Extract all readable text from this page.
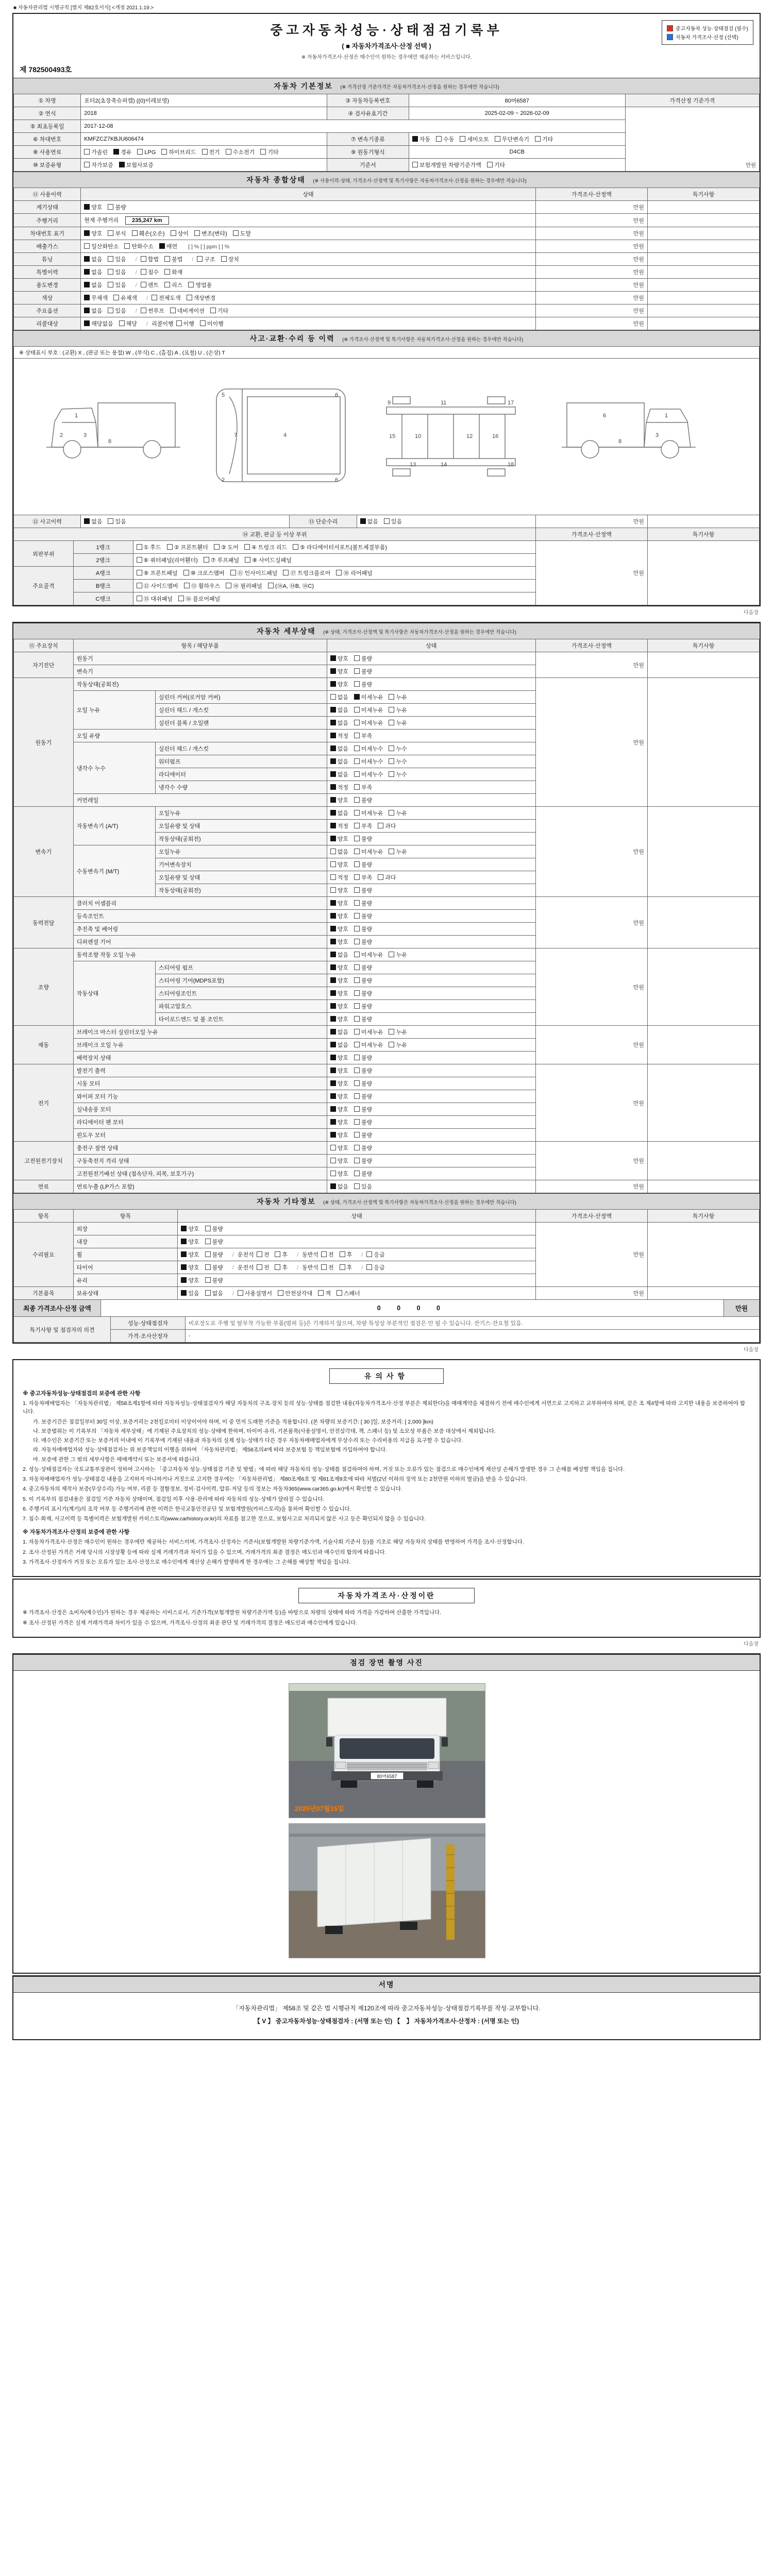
■ 자동차관리법 시행규칙 [별지 제82호서식] <개정 2021.1.19.>
중고자동차성능·상태점검기록부
( ■ 자동차가격조사·산정 선택 )
※ 자동차가격조사·산정은 매수인이 원하는 경우에만 제공하는 서비스입니다.
중고자동차 성능·상태점검 (필수)
자동차 가격조사·산정 (선택)
제 782500493호
자동차 기본정보 (※ 가격산정 기준가격은 자동차가격조사·산정을 원하는 경우에만 적습니다)
① 차명	포터2(초장축슈퍼캡) ((0)이레보영)	③ 자동차등록번호	80머6587	가격산정 기준가격
② 연식	2018	④ 검사유효기간	2025-02-09 ~ 2026-02-09	만원

⑤ 최초등록일	2017-12-08			
⑥ 차대번호	KMFZCZ7KBJU606474	⑦ 변속기종류	자동 수동 세미오토 무단변속기 기타	
⑧ 사용연료	가솔린 경유 LPG 하이브리드 전기 수소전기 기타	⑨ 원동기형식	D4CB	
⑩ 보증유형	자가보증 보험사보증	기준서	보험개발원 차량기준가액 기타	
자동차 종합상태 (※ 사용이력·상태, 가격조사·산정액 및 특기사항은 자동차가격조사·산정을 원하는 경우에만 적습니다)
⑪ 사용이력	상태	가격조사·산정액	특기사항
계기상태	양호 불량	만원	
주행거리	현재 주행거리 235,247 km	만원	
차대번호 표기	양호 부식 훼손(오손) 상이 변조(변타) 도말	만원	
배출가스	일산화탄소 탄화수소 매연 [ ] % [ ] ppm [ ] %	만원	
튜닝	없음 있음 / 합법 불법 / 구조 장치	만원	
특별이력	없음 있음 / 침수 화재	만원	
용도변경	없음 있음 / 렌트 리스 영업용	만원	
색상	무채색 유채색 / 전체도색 색상변경	만원	
주요옵션	없음 있음 / 썬루프 네비게이션 기타	만원	
리콜대상	해당없음 해당 / 리콜이행 이행 미이행	만원	
사고·교환·수리 등 이력 (※ 가격조사·산정액 및 특기사항은 자동차가격조사·산정을 원하는 경우에만 적습니다)
※ 상태표시 부호 : (교환) X , (판금 또는 용접) W , (부식) C , (흠집) A , (요철) U , (손상) T
1
3
8
2
5
2
7	4
6
6
9
10
11
12
13	14
15	16
17
18
1
3
8
6
⑫ 사고이력	없음 있음	⑬ 단순수리	없음 있음	만원	
⑭ 교환, 판금 등 이상 부위			가격조사·산정액	특기사항
외판부위	1랭크	① 후드 ② 프론트휀더 ③ 도어 ④ 트렁크 리드 ⑤ 라디에이터서포트(볼트체결부품)	만원	
	2랭크	⑥ 쿼터패널(리어휀더) ⑦ 루프패널 ⑧ 사이드실패널		
주요골격	A랭크	⑨ 프론트패널 ⑩ 크로스멤버 ⑪ 인사이드패널 ⑰ 트렁크플로어 ⑱ 리어패널		
	B랭크	⑫ 사이드멤버 ⑬ 휠하우스 ⑭ 필러패널 (⑭A, ⑭B, ⑭C)		
	C랭크	⑮ 대쉬패널 ⑯ 플로어패널		
다음장
자동차 세부상태 (※ 상태, 가격조사·산정액 및 특기사항은 자동차가격조사·산정을 원하는 경우에만 적습니다)
⑮ 주요장치	항목 / 해당부품		상태	가격조사·산정액	특기사항
자기진단	원동기		양호 불량	만원	
	변속기		양호 불량		
원동기	작동상태(공회전)		양호 불량	만원	
	오일 누유	실린더 커버(로커암 커버)	없음 미세누유 누유		
		실린더 헤드 / 개스킷	없음 미세누유 누유		
		실린더 블록 / 오일팬	없음 미세누유 누유		
	오일 유량		적정 부족		
	냉각수 누수	실린더 헤드 / 개스킷	없음 미세누수 누수		
		워터펌프	없음 미세누수 누수		
		라디에이터	없음 미세누수 누수		
		냉각수 수량	적정 부족		
	커먼레일		양호 불량		
변속기	자동변속기 (A/T)	오일누유	없음 미세누유 누유	만원	
		오일유량 및 상태	적정 부족 과다		
		작동상태(공회전)	양호 불량		
	수동변속기 (M/T)	오일누유	없음 미세누유 누유		
		기어변속장치	양호 불량		
		오일유량 및 상태	적정 부족 과다		
		작동상태(공회전)	양호 불량		
동력전달	클러치 어셈블리		양호 불량	만원	
	등속조인트		양호 불량		
	추진축 및 베어링		양호 불량		
	디퍼렌셜 기어		양호 불량		
조향	동력조향 작동 오일 누유		없음 미세누유 누유	만원	
	작동상태	스티어링 펌프	양호 불량		
		스티어링 기어(MDPS포함)	양호 불량		
		스티어링조인트	양호 불량		
		파워고압호스	양호 불량		
		타이로드엔드 및 볼 조인트	양호 불량		
제동	브레이크 마스터 실린더오일 누유		없음 미세누유 누유	만원	
	브레이크 오일 누유		없음 미세누유 누유		
	배력장치 상태		양호 불량		
전기	발전기 출력		양호 불량	만원	
	시동 모터		양호 불량		
	와이퍼 모터 기능		양호 불량		
	실내송풍 모터		양호 불량		
	라디에이터 팬 모터		양호 불량		
	윈도우 모터		양호 불량		
고전원전기장치	충전구 절연 상태		양호 불량	만원	
	구동축전지 격리 상태		양호 불량		
	고전원전기배선 상태 (접속단자, 피복, 보호기구)		양호 불량		
연료	연료누출 (LP가스 포함)		없음 있음	만원	
자동차 기타정보 (※ 상태, 가격조사·산정액 및 특기사항은 자동차가격조사·산정을 원하는 경우에만 적습니다)
항목	항목	상태	가격조사·산정액	특기사항
수리필요	외장	양호 불량	만원	
	내장	양호 불량		
	휠	양호 불량 / 운전석 전 후 / 동반석 전 후 / 응급		
	타이어	양호 불량 / 운전석 전 후 / 동반석 전 후 / 응급		
	유리	양호 불량		
기본품목	보유상태	있음 없음 / 사용설명서 안전삼각대 잭 스패너	만원	
최종 가격조사·산정 금액	0 0 0 0	만원
특기사항 및 점검자의 의견	성능·상태점검자	비포장도로 주행 및 탈부착 가능한 부품(범퍼 등)은 기재하지 않으며, 차량 특성상 부분적인 점검은 안 될 수 있습니다. 잔기스·잔요철 있음.
	가격·조사산정자	-
다음장
유의사항
※ 중고자동차성능·상태점검의 보증에 관한 사항
1. 자동차매매업자는 「자동차관리법」 제58조제1항에 따라 자동차성능·상태점검자가 해당 자동차의 구조·장치 등의 성능·상태를 점검한 내용(자동차가격조사·산정 부분은 제외한다)을 매매계약을 체결하기 전에 매수인에게 서면으로 고지하고 교부하여야 하며, 같은 조 제4항에 따라 고지한 내용을 보증하여야 합니다.
가. 보증기간은 점검일부터 30일 이상, 보증거리는 2천킬로미터 이상이어야 하며, 이 중 먼저 도래한 기준을 적용합니다. (본 차량의 보증기간: [ 30 ]일, 보증거리: [ 2,000 ]km)
나. 보증범위는 이 기록부의 「자동차 세부상태」에 기재된 주요장치의 성능·상태에 한하며, 타이어·유리, 기본품목(사용설명서, 안전삼각대, 잭, 스패너 등) 및 소모성 부품은 보증 대상에서 제외됩니다.
다. 매수인은 보증기간 또는 보증거리 이내에 이 기록부에 기재된 내용과 자동차의 실제 성능·상태가 다른 경우 자동차매매업자에게 무상수리 또는 수리비용의 지급을 요구할 수 있습니다.
라. 자동차매매업자와 성능·상태점검자는 위 보증책임의 이행을 위하여 「자동차관리법」 제58조의4에 따라 보증보험 등 책임보험에 가입하여야 합니다.
마. 보증에 관한 그 밖의 세부사항은 매매계약서 또는 보증서에 따릅니다.
2. 성능·상태점검자는 국토교통부장관이 정하여 고시하는 「중고자동차 성능·상태점검 기준 및 방법」에 따라 해당 자동차의 성능·상태를 점검하여야 하며, 거짓 또는 오류가 있는 점검으로 매수인에게 재산상 손해가 발생한 경우 그 손해를 배상할 책임을 집니다.
3. 자동차매매업자가 성능·상태점검 내용을 고지하지 아니하거나 거짓으로 고지한 경우에는 「자동차관리법」 제80조제6호 및 제81조제9호에 따라 처벌(2년 이하의 징역 또는 2천만원 이하의 벌금)을 받을 수 있습니다.
4. 중고자동차의 제작사 보증(무상수리) 가능 여부, 리콜 등 결함정보, 정비·검사이력, 압류·저당 등의 정보는 자동차365(www.car365.go.kr)에서 확인할 수 있습니다.
5. 이 기록부의 점검내용은 점검일 기준 자동차 상태이며, 점검일 이후 사용·관리에 따라 자동차의 성능·상태가 달라질 수 있습니다.
6. 주행거리 표시기(계기)의 조작 여부 등 주행거리에 관한 이력은 한국교통안전공단 및 보험개발원(카히스토리)을 통하여 확인할 수 있습니다.
7. 침수·화재, 사고이력 등 특별이력은 보험개발원 카히스토리(www.carhistory.or.kr)의 자료를 참고한 것으로, 보험사고로 처리되지 않은 사고 등은 확인되지 않을 수 있습니다.
※ 자동차가격조사·산정의 보증에 관한 사항
1. 자동차가격조사·산정은 매수인이 원하는 경우에만 제공하는 서비스이며, 가격조사·산정자는 기준서(보험개발원 차량기준가액, 기술사회 기준서 등)를 기초로 해당 자동차의 상태를 반영하여 가격을 조사·산정합니다.
2. 조사·산정된 가격은 거래 당시의 시장상황 등에 따라 실제 거래가격과 차이가 있을 수 있으며, 거래가격의 최종 결정은 매도인과 매수인의 합의에 따릅니다.
3. 가격조사·산정자가 거짓 또는 오류가 있는 조사·산정으로 매수인에게 재산상 손해가 발생하게 한 경우에는 그 손해를 배상할 책임을 집니다.
자동차가격조사·산정이란
※ 가격조사·산정은 소비자(매수인)가 원하는 경우 제공하는 서비스로서, 기준가격(보험개발원 차량기준가액 등)을 바탕으로 차량의 상태에 따라 가격을 가감하여 산출한 가격입니다.
※ 조사·산정된 가격은 실제 거래가격과 차이가 있을 수 있으며, 가격조사·산정의 최종 판단 및 거래가격의 결정은 매도인과 매수인에게 있습니다.
다음장
점검 장면 촬영 사진
80머6587
2025년07월15일
서명
「자동차관리법」 제58조 및 같은 법 시행규칙 제120조에 따라 중고자동차성능·상태점검기록부를 작성·교부합니다.
【 V 】 중고자동차성능·상태점검자 : (서명 또는 인) 【　】 자동차가격조사·산정자 : (서명 또는 인)
